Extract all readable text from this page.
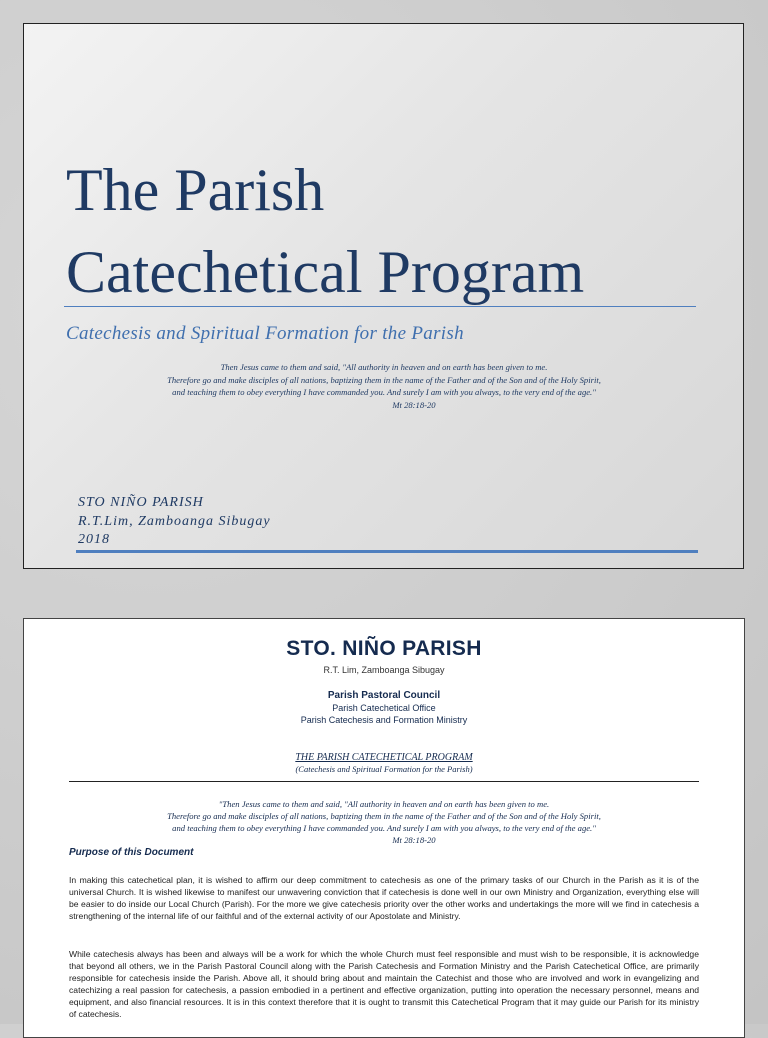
The Parish
Catechetical Program
Catechesis and Spiritual Formation for the Parish
Then Jesus came to them and said, "All authority in heaven and on earth has been given to me.
Therefore go and make disciples of all nations, baptizing them in the name of the Father and of the Son and of the Holy Spirit,
and teaching them to obey everything I have commanded you. And surely I am with you always, to the very end of the age."
Mt 28:18-20
STO NIÑO PARISH
R.T.Lim, Zamboanga Sibugay
2018
STO. NIÑO PARISH
R.T. Lim, Zamboanga Sibugay
Parish Pastoral Council
Parish Catechetical Office
Parish Catechesis and Formation Ministry
THE PARISH CATECHETICAL PROGRAM
(Catechesis and Spiritual Formation for the Parish)
"Then Jesus came to them and said, "All authority in heaven and on earth has been given to me.
Therefore go and make disciples of all nations, baptizing them in the name of the Father and of the Son and of the Holy Spirit,
and teaching them to obey everything I have commanded you. And surely I am with you always, to the very end of the age."
Mt 28:18-20
Purpose of this Document

In making this catechetical plan, it is wished to affirm our deep commitment to catechesis as one of the primary tasks of our Church in the Parish as it is of the universal Church. It is wished likewise to manifest our unwavering conviction that if catechesis is done well in our own Ministry and Organization, everything else will be easier to do inside our Local Church (Parish). For the more we give catechesis priority over the other works and undertakings the more will we find in catechesis a strengthening of the internal life of our faithful and of the external activity of our Apostolate and Ministry.

While catechesis always has been and always will be a work for which the whole Church must feel responsible and must wish to be responsible, it is acknowledge that beyond all others, we in the Parish Pastoral Council along with the Parish Catechesis and Formation Ministry and the Parish Catechetical Office, are primarily responsible for catechesis inside the Parish. Above all, it should bring about and maintain the Catechist and those who are involved and work in evangelizing and catechizing a real passion for catechesis, a passion embodied in a pertinent and effective organization, putting into operation the necessary personnel, means and equipment, and also financial resources. It is in this context therefore that it is ought to transmit this Catechetical Program that it may guide our Parish for its ministry of catechesis.
